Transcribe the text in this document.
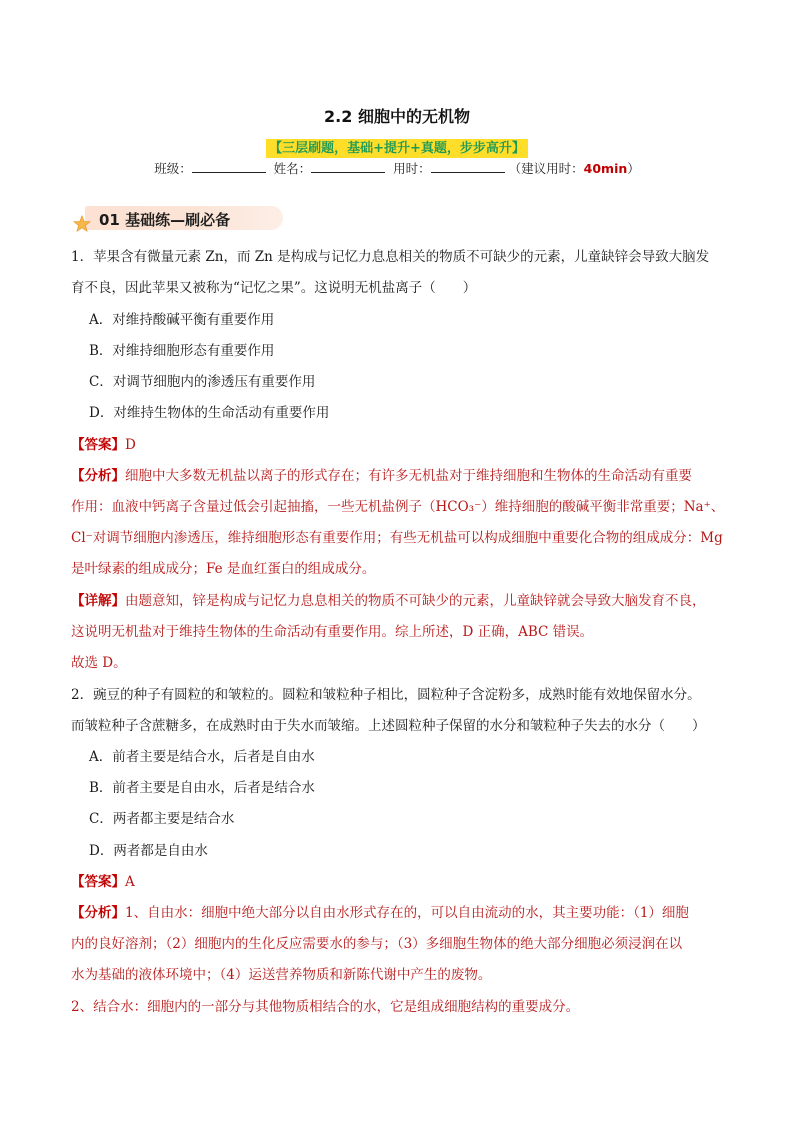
2.2 细胞中的无机物
【三层刷题，基础+提升+真题，步步高升】
班级：	姓名：	用时：	（建议用时：40min）
01 基础练—刷必备
1．苹果含有微量元素 Zn，而 Zn 是构成与记忆力息息相关的物质不可缺少的元素，儿童缺锌会导致大脑发
育不良，因此苹果又被称为“记忆之果”。这说明无机盐离子（　　）
A．对维持酸碱平衡有重要作用
B．对维持细胞形态有重要作用
C．对调节细胞内的渗透压有重要作用
D．对维持生物体的生命活动有重要作用
【答案】D
【分析】细胞中大多数无机盐以离子的形式存在；有许多无机盐对于维持细胞和生物体的生命活动有重要
作用：血液中钙离子含量过低会引起抽搐，一些无机盐例子（HCO₃⁻）维持细胞的酸碱平衡非常重要；Na⁺、
Cl⁻对调节细胞内渗透压，维持细胞形态有重要作用；有些无机盐可以构成细胞中重要化合物的组成成分：Mg
是叶绿素的组成成分；Fe 是血红蛋白的组成成分。
【详解】由题意知，锌是构成与记忆力息息相关的物质不可缺少的元素，儿童缺锌就会导致大脑发育不良，
这说明无机盐对于维持生物体的生命活动有重要作用。综上所述，D 正确，ABC 错误。
故选 D。
2．豌豆的种子有圆粒的和皱粒的。圆粒和皱粒种子相比，圆粒种子含淀粉多，成熟时能有效地保留水分。
而皱粒种子含蔗糖多，在成熟时由于失水而皱缩。上述圆粒种子保留的水分和皱粒种子失去的水分（　　）
A．前者主要是结合水，后者是自由水
B．前者主要是自由水，后者是结合水
C．两者都主要是结合水
D．两者都是自由水
【答案】A
【分析】1、自由水：细胞中绝大部分以自由水形式存在的，可以自由流动的水，其主要功能：（1）细胞
内的良好溶剂；（2）细胞内的生化反应需要水的参与；（3）多细胞生物体的绝大部分细胞必须浸润在以
水为基础的液体环境中；（4）运送营养物质和新陈代谢中产生的废物。
2、结合水：细胞内的一部分与其他物质相结合的水，它是组成细胞结构的重要成分。
